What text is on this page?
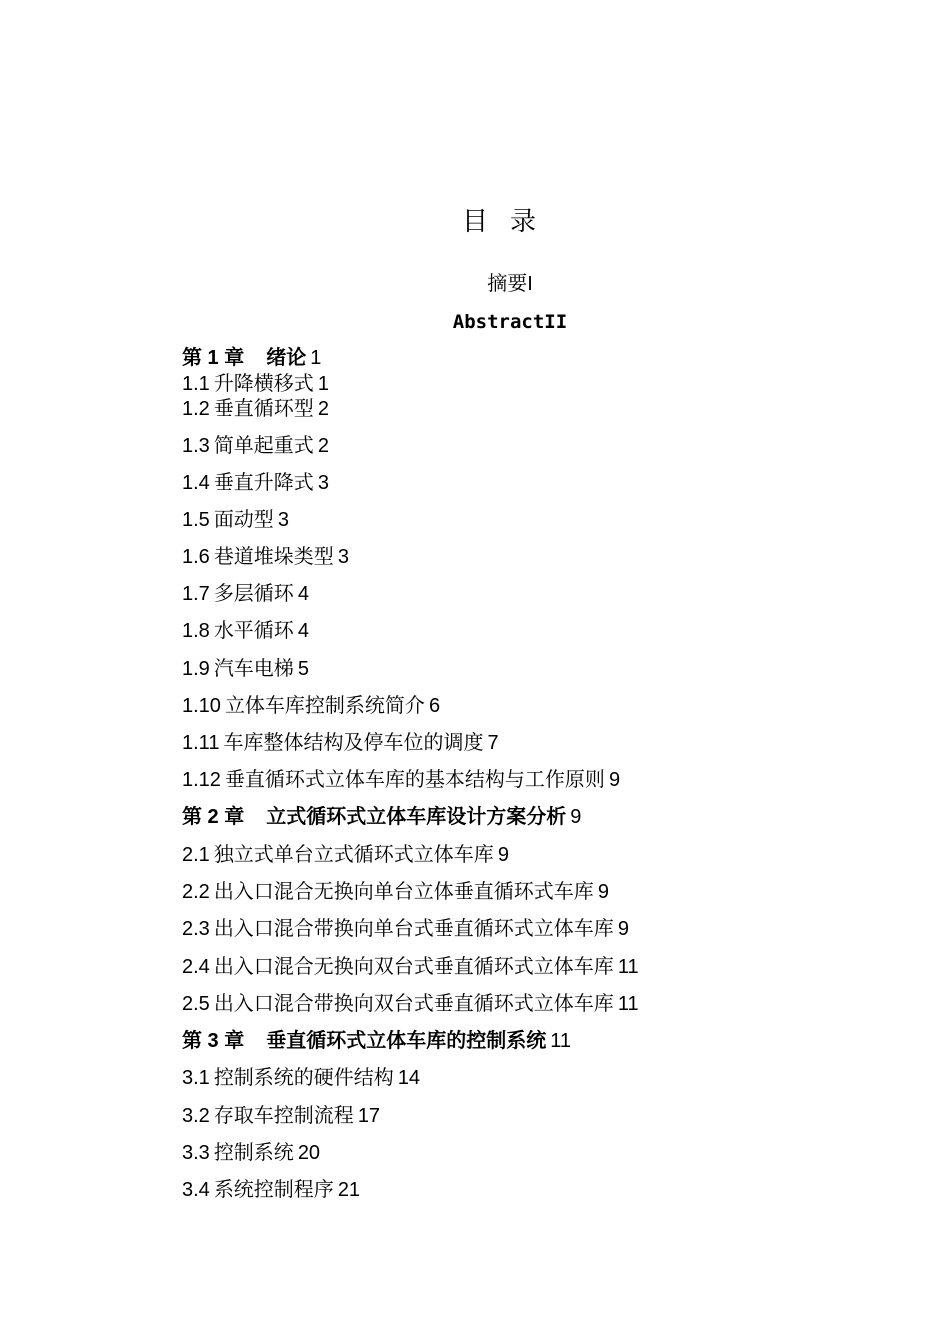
目录
摘要I
AbstractII
第 1 章 绪论 1
1.1 升降横移式 1
1.2 垂直循环型 2
1.3 简单起重式 2
1.4 垂直升降式 3
1.5 面动型 3
1.6 巷道堆垛类型 3
1.7 多层循环 4
1.8 水平循环 4
1.9 汽车电梯 5
1.10 立体车库控制系统简介 6
1.11 车库整体结构及停车位的调度 7
1.12 垂直循环式立体车库的基本结构与工作原则 9
第 2 章 立式循环式立体车库设计方案分析 9
2.1 独立式单台立式循环式立体车库 9
2.2 出入口混合无换向单台立体垂直循环式车库 9
2.3 出入口混合带换向单台式垂直循环式立体车库 9
2.4 出入口混合无换向双台式垂直循环式立体车库 11
2.5 出入口混合带换向双台式垂直循环式立体车库 11
第 3 章 垂直循环式立体车库的控制系统 11
3.1 控制系统的硬件结构 14
3.2 存取车控制流程 17
3.3 控制系统 20
3.4 系统控制程序 21
